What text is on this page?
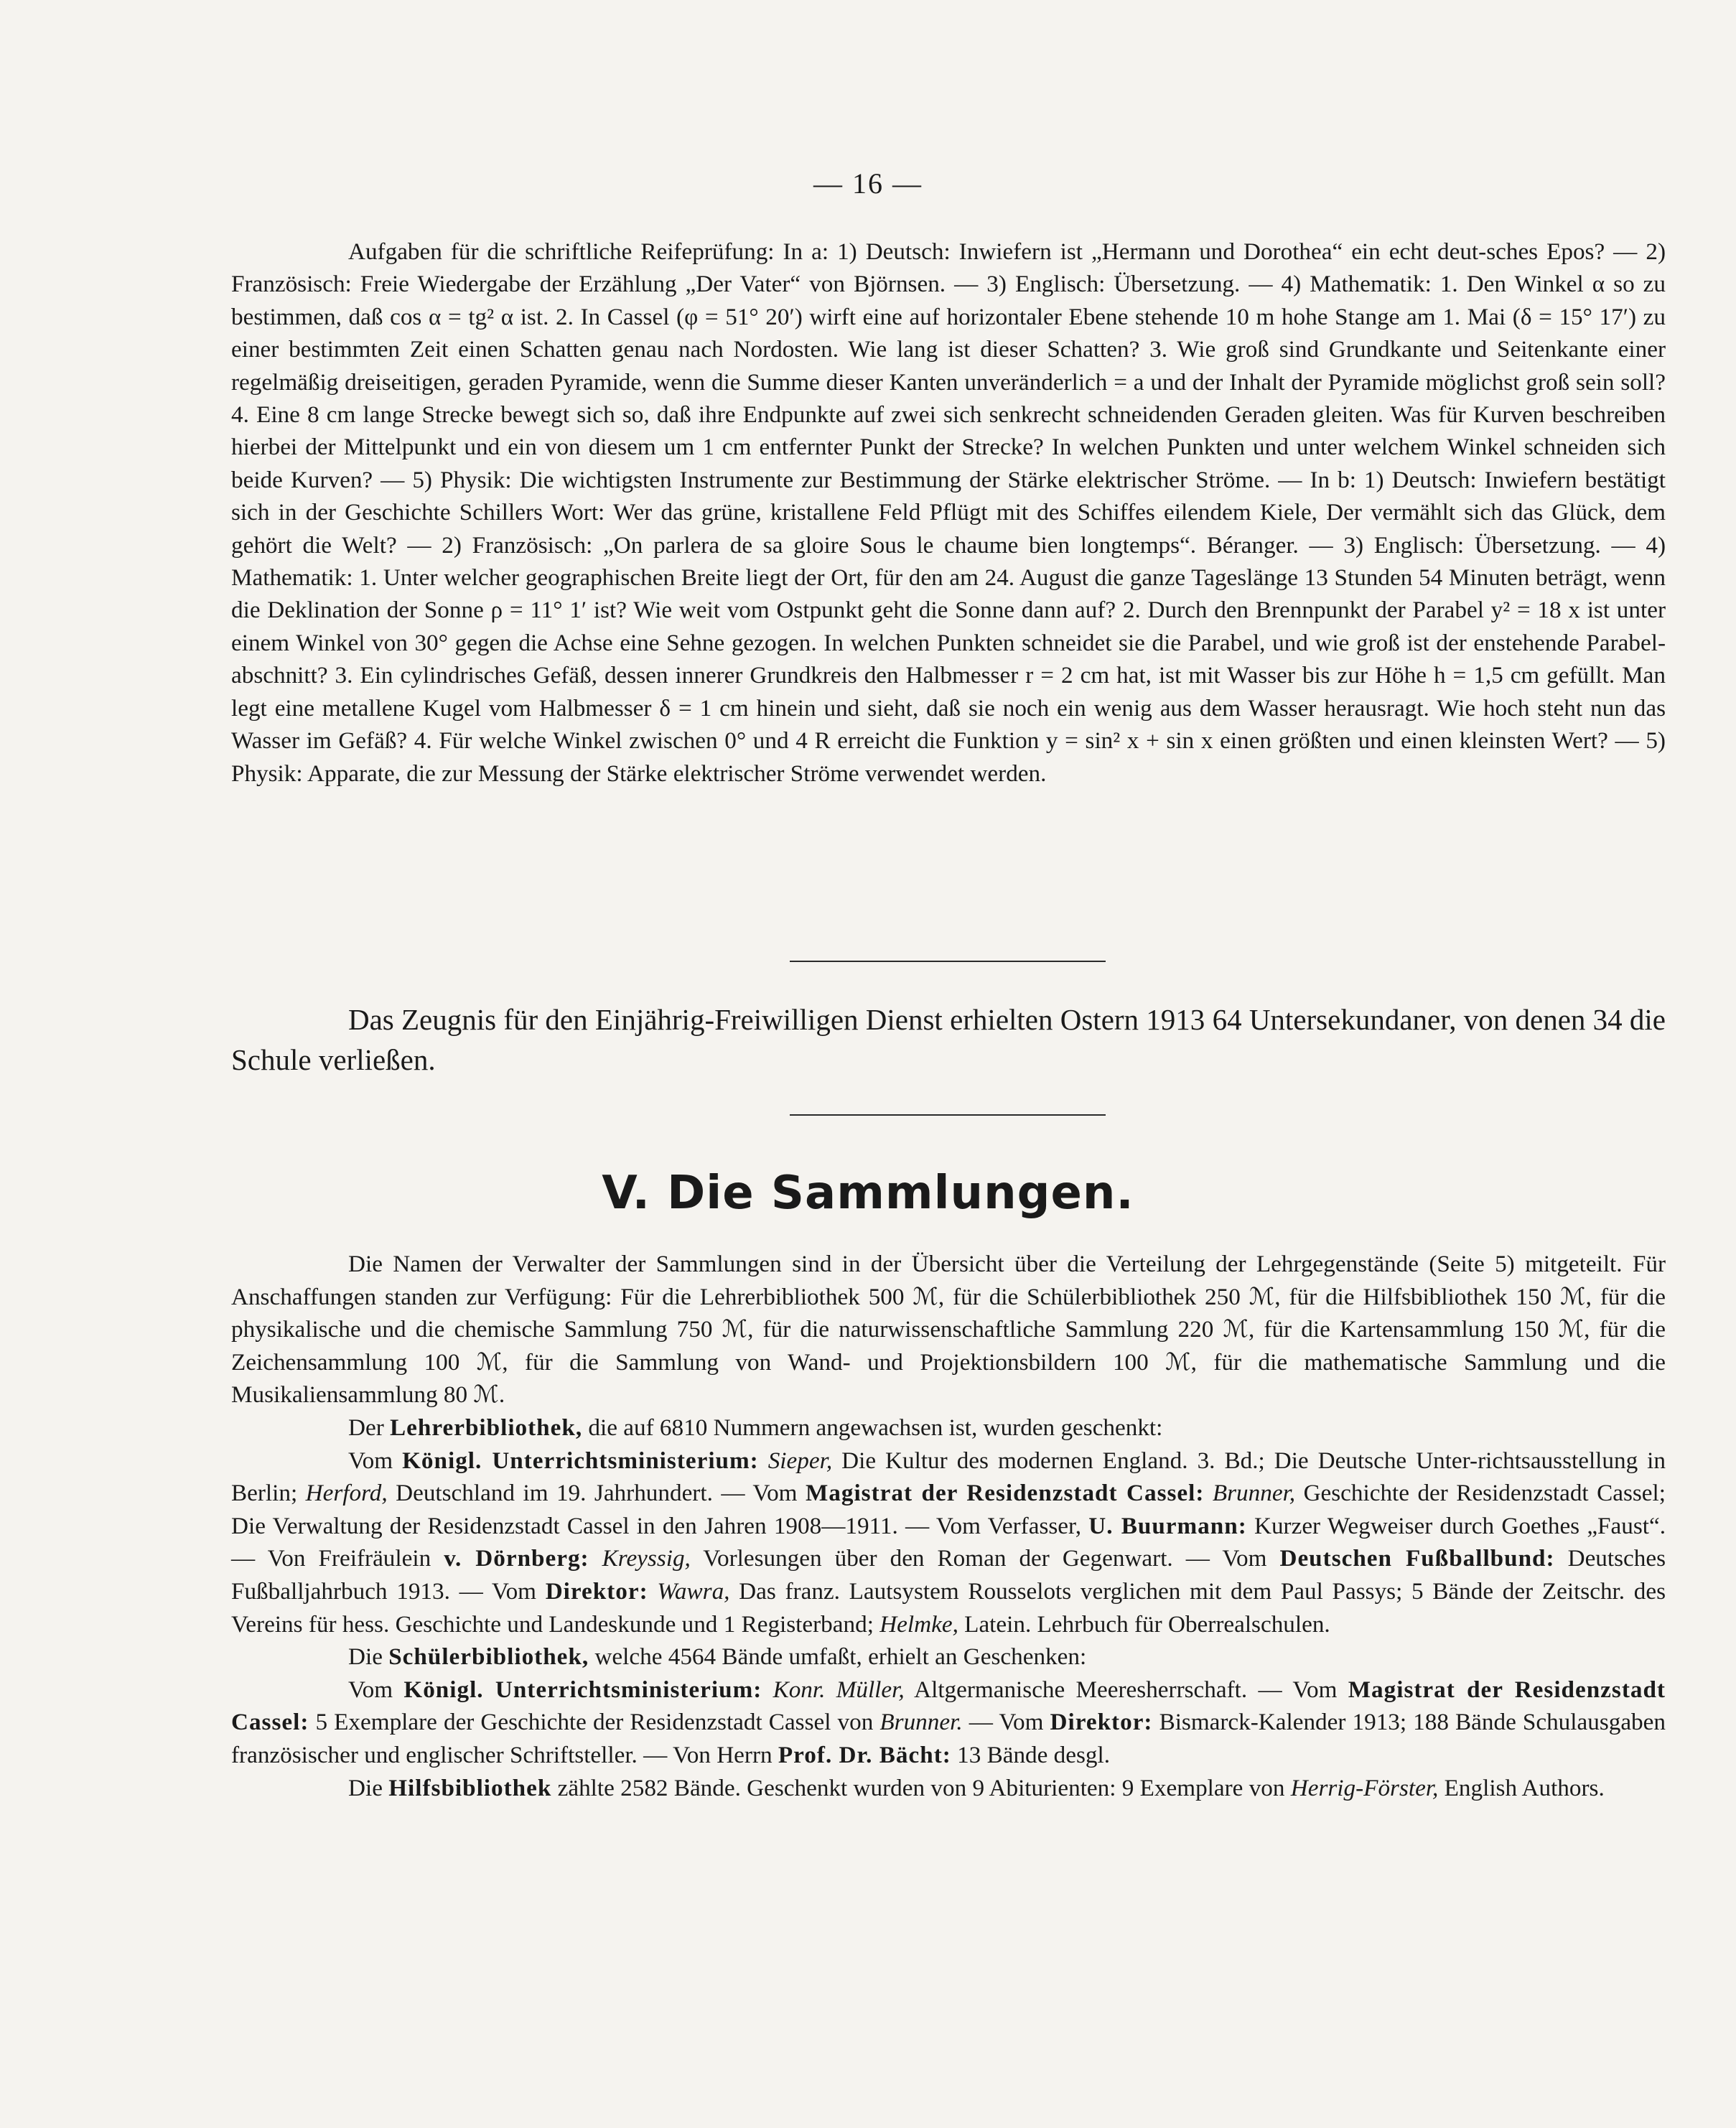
— 16 —

Aufgaben für die schriftliche Reifeprüfung: In a: 1) Deutsch: Inwiefern ist „Hermann und Dorothea“ ein echt deut-sches Epos? — 2) Französisch: Freie Wiedergabe der Erzählung „Der Vater“ von Björnsen. — 3) Englisch: Übersetzung. — 4) Mathematik: 1. Den Winkel α so zu bestimmen, daß cos α = tg² α ist. 2. In Cassel (φ = 51° 20′) wirft eine auf horizontaler Ebene stehende 10 m hohe Stange am 1. Mai (δ = 15° 17′) zu einer bestimmten Zeit einen Schatten genau nach Nordosten. Wie lang ist dieser Schatten? 3. Wie groß sind Grundkante und Seitenkante einer regelmäßig dreiseitigen, geraden Pyramide, wenn die Summe dieser Kanten unveränderlich = a und der Inhalt der Pyramide möglichst groß sein soll? 4. Eine 8 cm lange Strecke bewegt sich so, daß ihre Endpunkte auf zwei sich senkrecht schneidenden Geraden gleiten. Was für Kurven beschreiben hierbei der Mittelpunkt und ein von diesem um 1 cm entfernter Punkt der Strecke? In welchen Punkten und unter welchem Winkel schneiden sich beide Kurven? — 5) Physik: Die wichtigsten Instrumente zur Bestimmung der Stärke elektrischer Ströme. — In b: 1) Deutsch: Inwiefern bestätigt sich in der Geschichte Schillers Wort: Wer das grüne, kristallene Feld Pflügt mit des Schiffes eilendem Kiele, Der vermählt sich das Glück, dem gehört die Welt? — 2) Französisch: „On parlera de sa gloire Sous le chaume bien longtemps“. Béranger. — 3) Englisch: Übersetzung. — 4) Mathematik: 1. Unter welcher geographischen Breite liegt der Ort, für den am 24. August die ganze Tageslänge 13 Stunden 54 Minuten beträgt, wenn die Deklination der Sonne ρ = 11° 1′ ist? Wie weit vom Ostpunkt geht die Sonne dann auf? 2. Durch den Brennpunkt der Parabel y² = 18 x ist unter einem Winkel von 30° gegen die Achse eine Sehne gezogen. In welchen Punkten schneidet sie die Parabel, und wie groß ist der enstehende Parabel-abschnitt? 3. Ein cylindrisches Gefäß, dessen innerer Grundkreis den Halbmesser r = 2 cm hat, ist mit Wasser bis zur Höhe h = 1,5 cm gefüllt. Man legt eine metallene Kugel vom Halbmesser δ = 1 cm hinein und sieht, daß sie noch ein wenig aus dem Wasser herausragt. Wie hoch steht nun das Wasser im Gefäß? 4. Für welche Winkel zwischen 0° und 4 R erreicht die Funktion y = sin² x + sin x einen größten und einen kleinsten Wert? — 5) Physik: Apparate, die zur Messung der Stärke elektrischer Ströme verwendet werden.

Das Zeugnis für den Einjährig-Freiwilligen Dienst erhielten Ostern 1913 64 Untersekundaner, von denen 34 die Schule verließen.

V. Die Sammlungen.

Die Namen der Verwalter der Sammlungen sind in der Übersicht über die Verteilung der Lehrgegenstände (Seite 5) mitgeteilt. Für Anschaffungen standen zur Verfügung: Für die Lehrerbibliothek 500 ℳ, für die Schülerbibliothek 250 ℳ, für die Hilfsbibliothek 150 ℳ, für die physikalische und die chemische Sammlung 750 ℳ, für die naturwissenschaftliche Sammlung 220 ℳ, für die Kartensammlung 150 ℳ, für die Zeichensammlung 100 ℳ, für die Sammlung von Wand- und Projektionsbildern 100 ℳ, für die mathematische Sammlung und die Musikaliensammlung 80 ℳ.

Der Lehrerbibliothek, die auf 6810 Nummern angewachsen ist, wurden geschenkt:

Vom Königl. Unterrichtsministerium: Sieper, Die Kultur des modernen England. 3. Bd.; Die Deutsche Unter-richtsausstellung in Berlin; Herford, Deutschland im 19. Jahrhundert. — Vom Magistrat der Residenzstadt Cassel: Brunner, Geschichte der Residenzstadt Cassel; Die Verwaltung der Residenzstadt Cassel in den Jahren 1908—1911. — Vom Verfasser, U. Buurmann: Kurzer Wegweiser durch Goethes „Faust“. — Von Freifräulein v. Dörnberg: Kreyssig, Vorlesungen über den Roman der Gegenwart. — Vom Deutschen Fußballbund: Deutsches Fußballjahrbuch 1913. — Vom Direktor: Wawra, Das franz. Lautsystem Rousselots verglichen mit dem Paul Passys; 5 Bände der Zeitschr. des Vereins für hess. Geschichte und Landeskunde und 1 Registerband; Helmke, Latein. Lehrbuch für Oberrealschulen.

Die Schülerbibliothek, welche 4564 Bände umfaßt, erhielt an Geschenken:

Vom Königl. Unterrichtsministerium: Konr. Müller, Altgermanische Meeresherrschaft. — Vom Magistrat der Residenzstadt Cassel: 5 Exemplare der Geschichte der Residenzstadt Cassel von Brunner. — Vom Direktor: Bismarck-Kalender 1913; 188 Bände Schulausgaben französischer und englischer Schriftsteller. — Von Herrn Prof. Dr. Bächt: 13 Bände desgl.

Die Hilfsbibliothek zählte 2582 Bände. Geschenkt wurden von 9 Abiturienten: 9 Exemplare von Herrig-Förster, English Authors.
